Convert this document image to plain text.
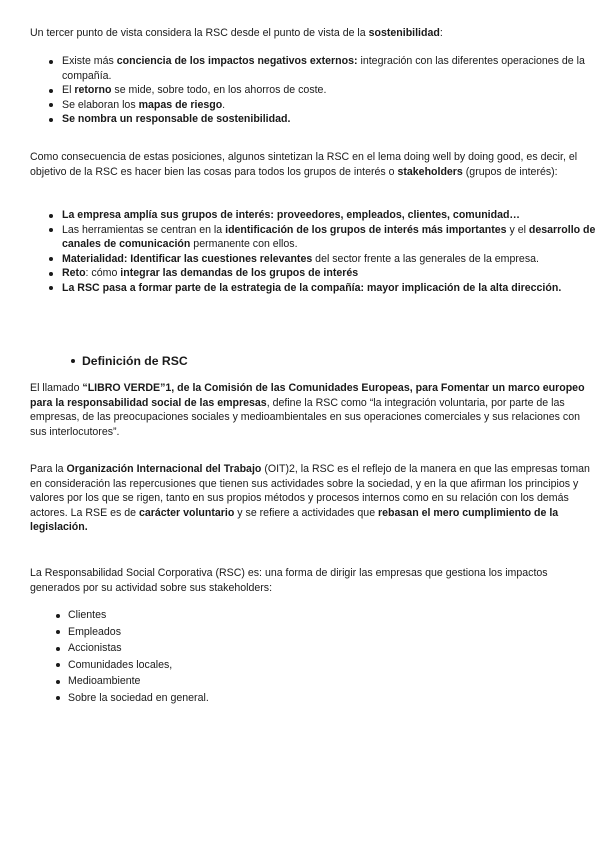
Un tercer punto de vista considera la RSC desde el punto de vista de la sostenibilidad:

Existe más conciencia de los impactos negativos externos: integración con las diferentes operaciones de la compañía.
El retorno se mide, sobre todo, en los ahorros de coste.
Se elaboran los mapas de riesgo.
Se nombra un responsable de sostenibilidad.

Como consecuencia de estas posiciones, algunos sintetizan la RSC en el lema doing well by doing good, es decir, el objetivo de la RSC es hacer bien las cosas para todos los grupos de interés o stakeholders (grupos de interés):

La empresa amplía sus grupos de interés: proveedores, empleados, clientes, comunidad…
Las herramientas se centran en la identificación de los grupos de interés más importantes y el desarrollo de canales de comunicación permanente con ellos.
Materialidad: Identificar las cuestiones relevantes del sector frente a las generales de la empresa.
Reto: cómo integrar las demandas de los grupos de interés
La RSC pasa a formar parte de la estrategia de la compañía: mayor implicación de la alta dirección.
Definición de RSC

El llamado “LIBRO VERDE”1, de la Comisión de las Comunidades Europeas, para Fomentar un marco europeo para la responsabilidad social de las empresas, define la RSC como “la integración voluntaria, por parte de las empresas, de las preocupaciones sociales y medioambientales en sus operaciones comerciales y sus relaciones con sus interlocutores”.

Para la Organización Internacional del Trabajo (OIT)2, la RSC es el reflejo de la manera en que las empresas toman en consideración las repercusiones que tienen sus actividades sobre la sociedad, y en la que afirman los principios y valores por los que se rigen, tanto en sus propios métodos y procesos internos como en su relación con los demás actores. La RSE es de carácter voluntario y se refiere a actividades que rebasan el mero cumplimiento de la legislación.

La Responsabilidad Social Corporativa (RSC) es: una forma de dirigir las empresas que gestiona los impactos generados por su actividad sobre sus stakeholders:

Clientes
Empleados
Accionistas
Comunidades locales,
Medioambiente
Sobre la sociedad en general.
